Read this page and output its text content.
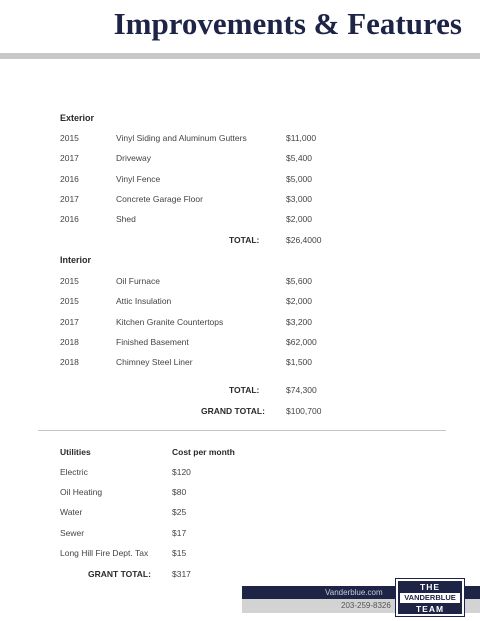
Improvements & Features
Exterior
2015	Vinyl Siding and Aluminum Gutters	$11,000
2017	Driveway	$5,400
2016	Vinyl Fence	$5,000
2017	Concrete Garage Floor	$3,000
2016	Shed	$2,000
TOTAL:	$26,4000
Interior
2015	Oil Furnace	$5,600
2015	Attic Insulation	$2,000
2017	Kitchen Granite Countertops	$3,200
2018	Finished Basement	$62,000
2018	Chimney Steel Liner	$1,500
TOTAL:	$74,300
GRAND TOTAL: $100,700
Utilities	Cost per month
Electric	$120
Oil Heating	$80
Water	$25
Sewer	$17
Long Hill Fire Dept. Tax	$15
GRANT TOTAL: $317
Vanderblue.com
203-259-8326
THE
VANDERBLUE
TEAM
